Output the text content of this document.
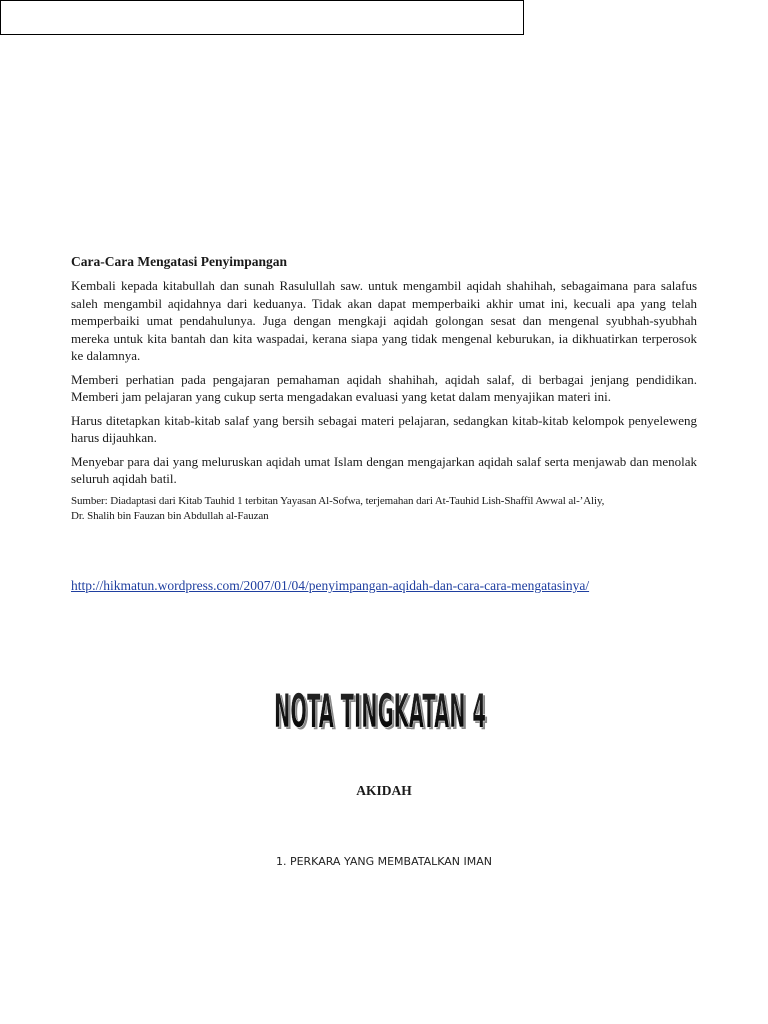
Cara-Cara Mengatasi Penyimpangan

Kembali kepada kitabullah dan sunah Rasulullah saw. untuk mengambil aqidah shahihah, sebagaimana para salafus saleh mengambil aqidahnya dari keduanya. Tidak akan dapat memperbaiki akhir umat ini, kecuali apa yang telah memperbaiki umat pendahulunya. Juga dengan mengkaji aqidah golongan sesat dan mengenal syubhah-syubhah mereka untuk kita bantah dan kita waspadai, kerana siapa yang tidak mengenal keburukan, ia dikhuatirkan terperosok ke dalamnya.

Memberi perhatian pada pengajaran pemahaman aqidah shahihah, aqidah salaf, di berbagai jenjang pendidikan. Memberi jam pelajaran yang cukup serta mengadakan evaluasi yang ketat dalam menyajikan materi ini.

Harus ditetapkan kitab-kitab salaf yang bersih sebagai materi pelajaran, sedangkan kitab-kitab kelompok penyeleweng harus dijauhkan.

Menyebar para dai yang meluruskan aqidah umat Islam dengan mengajarkan aqidah salaf serta menjawab dan menolak seluruh aqidah batil.

Sumber: Diadaptasi dari Kitab Tauhid 1 terbitan Yayasan Al-Sofwa, terjemahan dari At-Tauhid Lish-Shaffil Awwal al-’Aliy,

Dr. Shalih bin Fauzan bin Abdullah al-Fauzan

http://hikmatun.wordpress.com/2007/01/04/penyimpangan-aqidah-dan-cara-cara-mengatasinya/
NOTA TINGKATAN 4
NOTA TINGKATAN 4
AKIDAH
1. PERKARA YANG MEMBATALKAN IMAN
